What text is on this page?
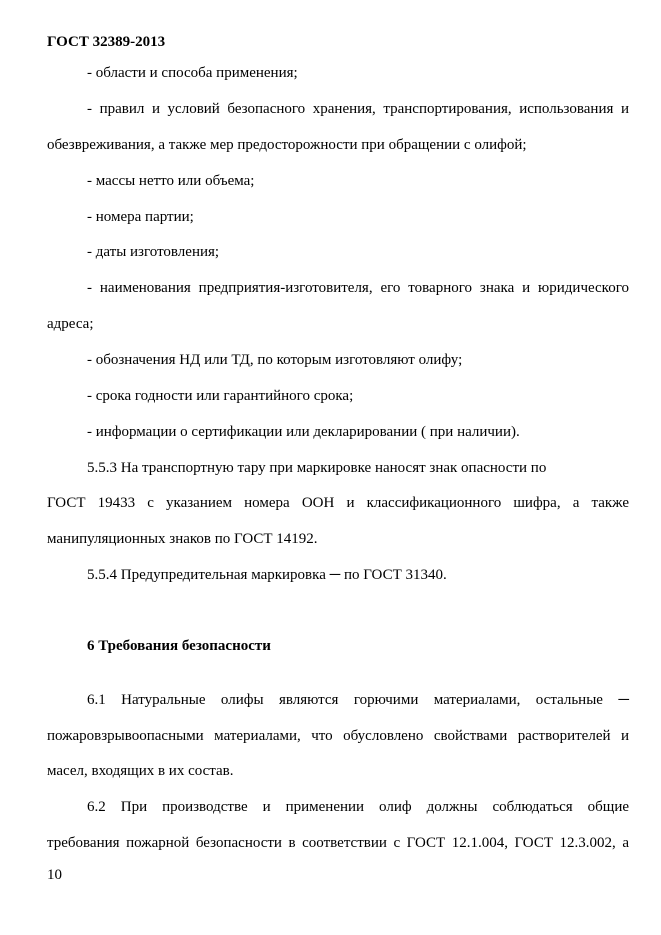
ГОСТ 32389-2013
- области и способа применения;
- правил и условий безопасного хранения, транспортирования, использования и
обезвреживания, а также мер предосторожности при обращении с олифой;
- массы нетто или объема;
- номера партии;
- даты изготовления;
- наименования предприятия-изготовителя, его товарного знака и юридического
адреса;
- обозначения НД или ТД, по которым изготовляют олифу;
- срока годности или гарантийного срока;
- информации о сертификации или декларировании ( при наличии).
5.5.3 На транспортную тару при маркировке наносят знак опасности по
ГОСТ 19433 с указанием номера ООН и классификационного шифра, а также
манипуляционных знаков по ГОСТ 14192.
5.5.4 Предупредительная маркировка ─ по ГОСТ 31340.
6 Требования безопасности
6.1 Натуральные олифы являются горючими материалами, остальные ─
пожаровзрывоопасными материалами, что обусловлено свойствами растворителей и
масел, входящих в их состав.
6.2 При производстве и применении олиф должны соблюдаться общие
требования пожарной безопасности в соответствии с ГОСТ 12.1.004, ГОСТ 12.3.002, а
10
